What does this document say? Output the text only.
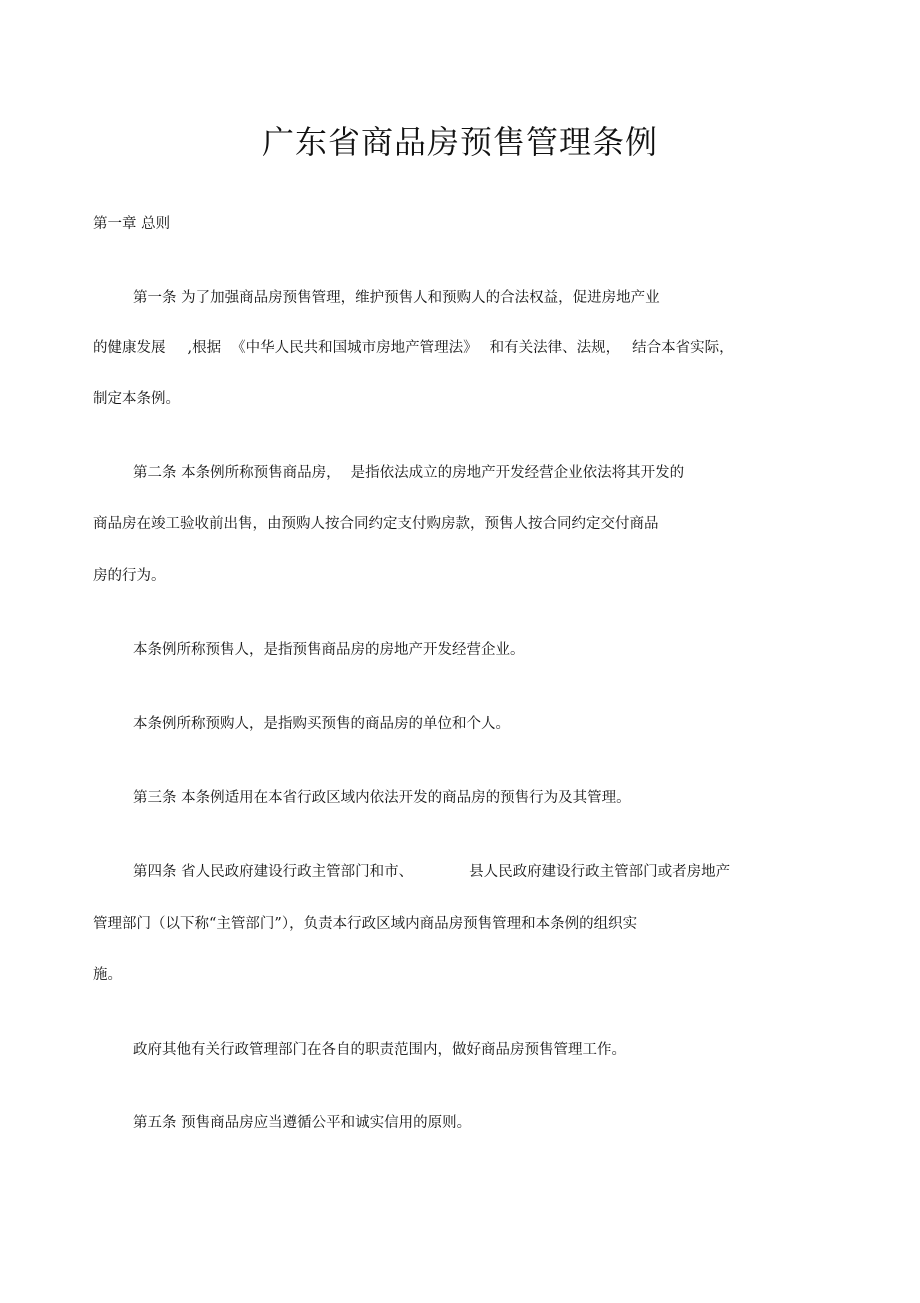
广东省商品房预售管理条例
第一章 总则
第一条 为了加强商品房预售管理，维护预售人和预购人的合法权益，促进房地产业
的健康发展 ,根据 《中华人民共和国城市房地产管理法》 和有关法律、法规， 结合本省实际，
制定本条例。
第二条 本条例所称预售商品房， 是指依法成立的房地产开发经营企业依法将其开发的
商品房在竣工验收前出售，由预购人按合同约定支付购房款，预售人按合同约定交付商品
房的行为。
本条例所称预售人，是指预售商品房的房地产开发经营企业。
本条例所称预购人，是指购买预售的商品房的单位和个人。
第三条 本条例适用在本省行政区域内依法开发的商品房的预售行为及其管理。
第四条 省人民政府建设行政主管部门和市、	县人民政府建设行政主管部门或者房地产
管理部门（以下称“主管部门”），负责本行政区域内商品房预售管理和本条例的组织实
施。
政府其他有关行政管理部门在各自的职责范围内，做好商品房预售管理工作。
第五条 预售商品房应当遵循公平和诚实信用的原则。
